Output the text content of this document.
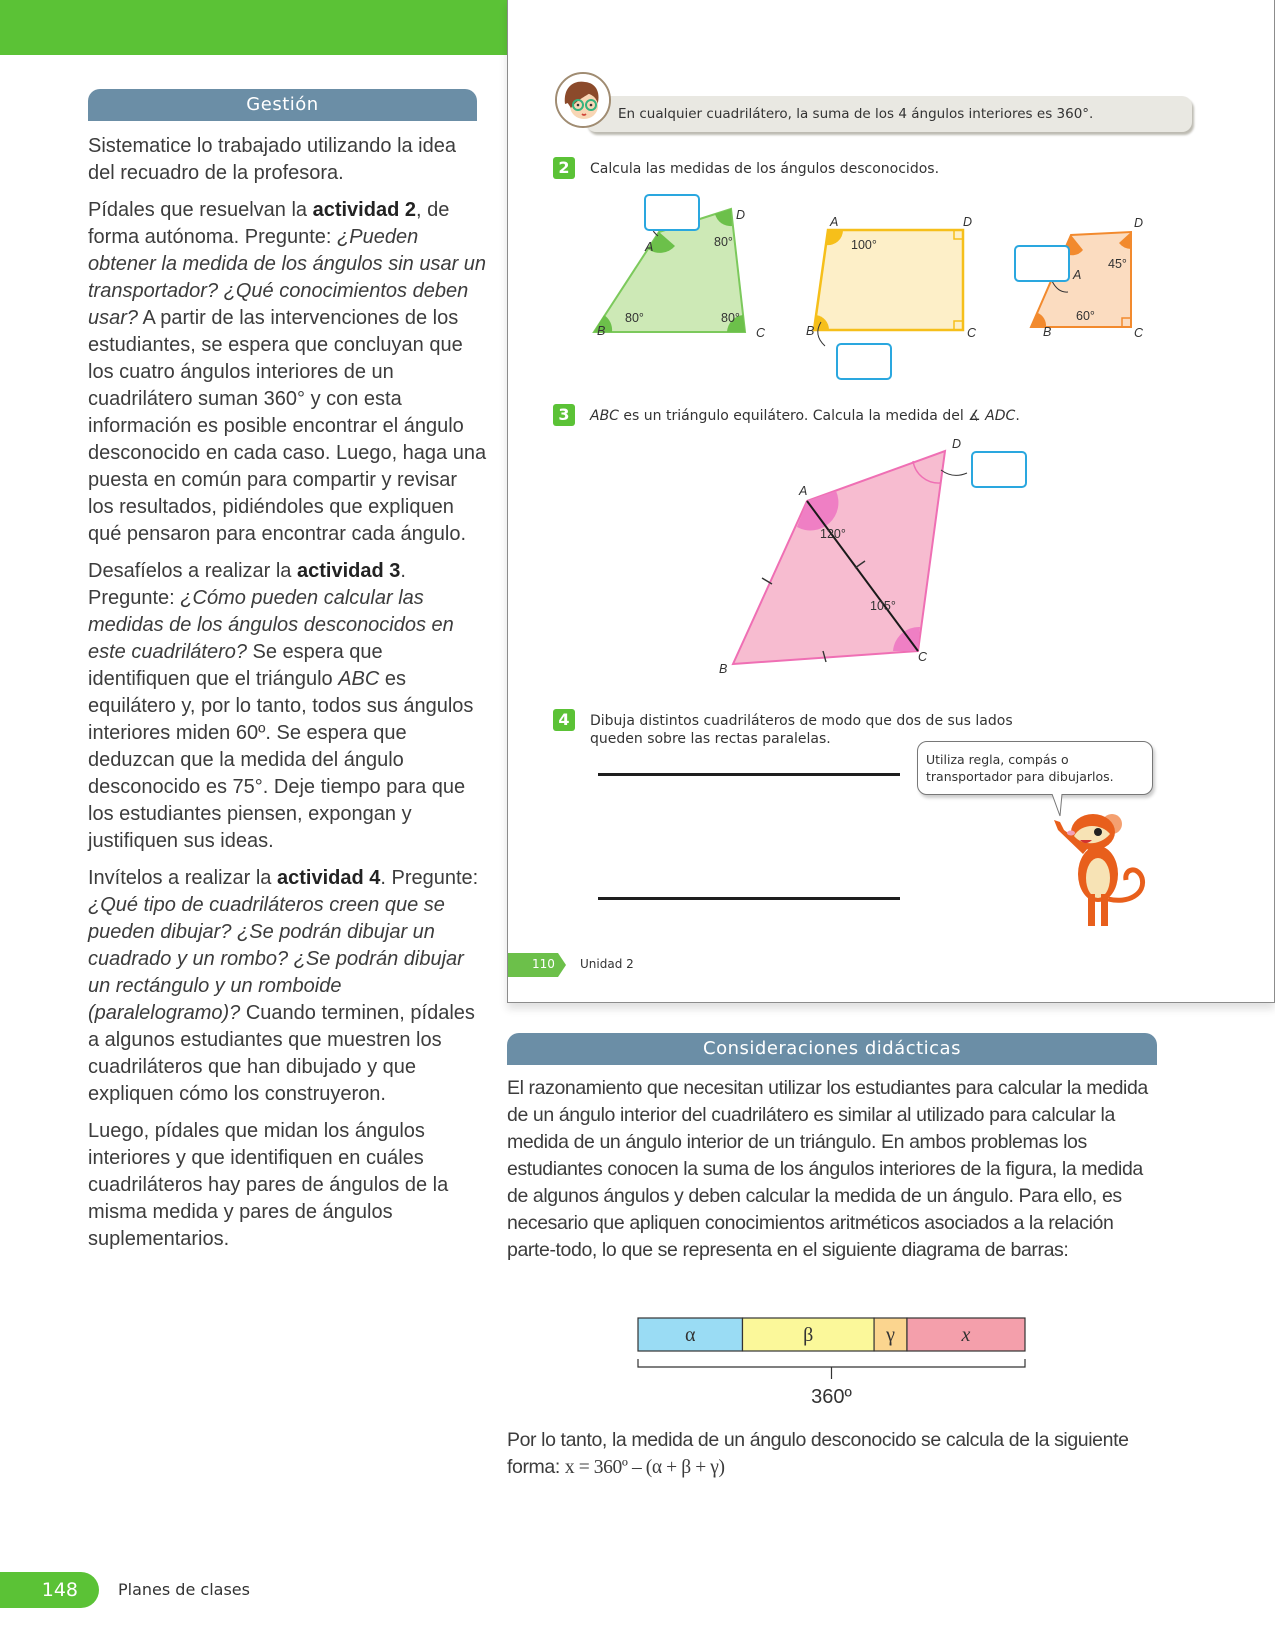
Gestión

Sistematice lo trabajado utilizando la idea del recuadro de la profesora.

Pídales que resuelvan la actividad 2, de forma autónoma. Pregunte: ¿Pueden obtener la medida de los ángulos sin usar un transportador? ¿Qué conocimientos deben usar? A partir de las intervenciones de los estudiantes, se espera que concluyan que los cuatro ángulos interiores de un cuadrilátero suman 360° y con esta información es posible encontrar el ángulo desconocido en cada caso. Luego, haga una puesta en común para compartir y revisar los resultados, pidiéndoles que expliquen qué pensaron para encontrar cada ángulo.

Desafíelos a realizar la actividad 3. Pregunte: ¿Cómo pueden calcular las medidas de los ángulos desconocidos en este cuadrilátero? Se espera que identifiquen que el triángulo ABC es equilátero y, por lo tanto, todos sus ángulos interiores miden 60º. Se espera que deduzcan que la medida del ángulo desconocido es 75°. Deje tiempo para que los estudiantes piensen, expongan y justifiquen sus ideas.

Invítelos a realizar la actividad 4. Pregunte: ¿Qué tipo de cuadriláteros creen que se pueden dibujar? ¿Se podrán dibujar un cuadrado y un rombo? ¿Se podrán dibujar un rectángulo y un romboide (paralelogramo)? Cuando terminen, pídales a algunos estudiantes que muestren los cuadriláteros que han dibujado y que expliquen cómo los construyeron.

Luego, pídales que midan los ángulos interiores y que identifiquen en cuáles cuadriláteros hay pares de ángulos de la misma medida y pares de ángulos suplementarios.

En cualquier cuadrilátero, la suma de los 4 ángulos interiores es 360°.
2	Calcula las medidas de los ángulos desconocidos.
A
B	C
D
80°
80°	80°
A
B	C
D
100°
A
B	C
D
45°
60°
3	ABC es un triángulo equilátero. Calcula la medida del ∡ ADC.
A
B
C
D
120°
105°
4	Dibuja distintos cuadriláteros de modo que dos de sus lados queden sobre las rectas paralelas.
Utiliza regla, compás o transportador para dibujarlos.
110 Unidad 2
Consideraciones didácticas

El razonamiento que necesitan utilizar los estudiantes para calcular la medida de un ángulo interior del cuadrilátero es similar al utilizado para calcular la medida de un ángulo interior de un triángulo. En ambos problemas los estudiantes conocen la suma de los ángulos interiores de la figura, la medida de algunos ángulos y deben calcular la medida de un ángulo. Para ello, es necesario que apliquen conocimientos aritméticos asociados a la relación parte-todo, lo que se representa en el siguiente diagrama de barras:

α	β	γ	x
360º
Por lo tanto, la medida de un ángulo desconocido se calcula de la siguiente forma: x = 360º – (α + β + γ)
148	Planes de clases
